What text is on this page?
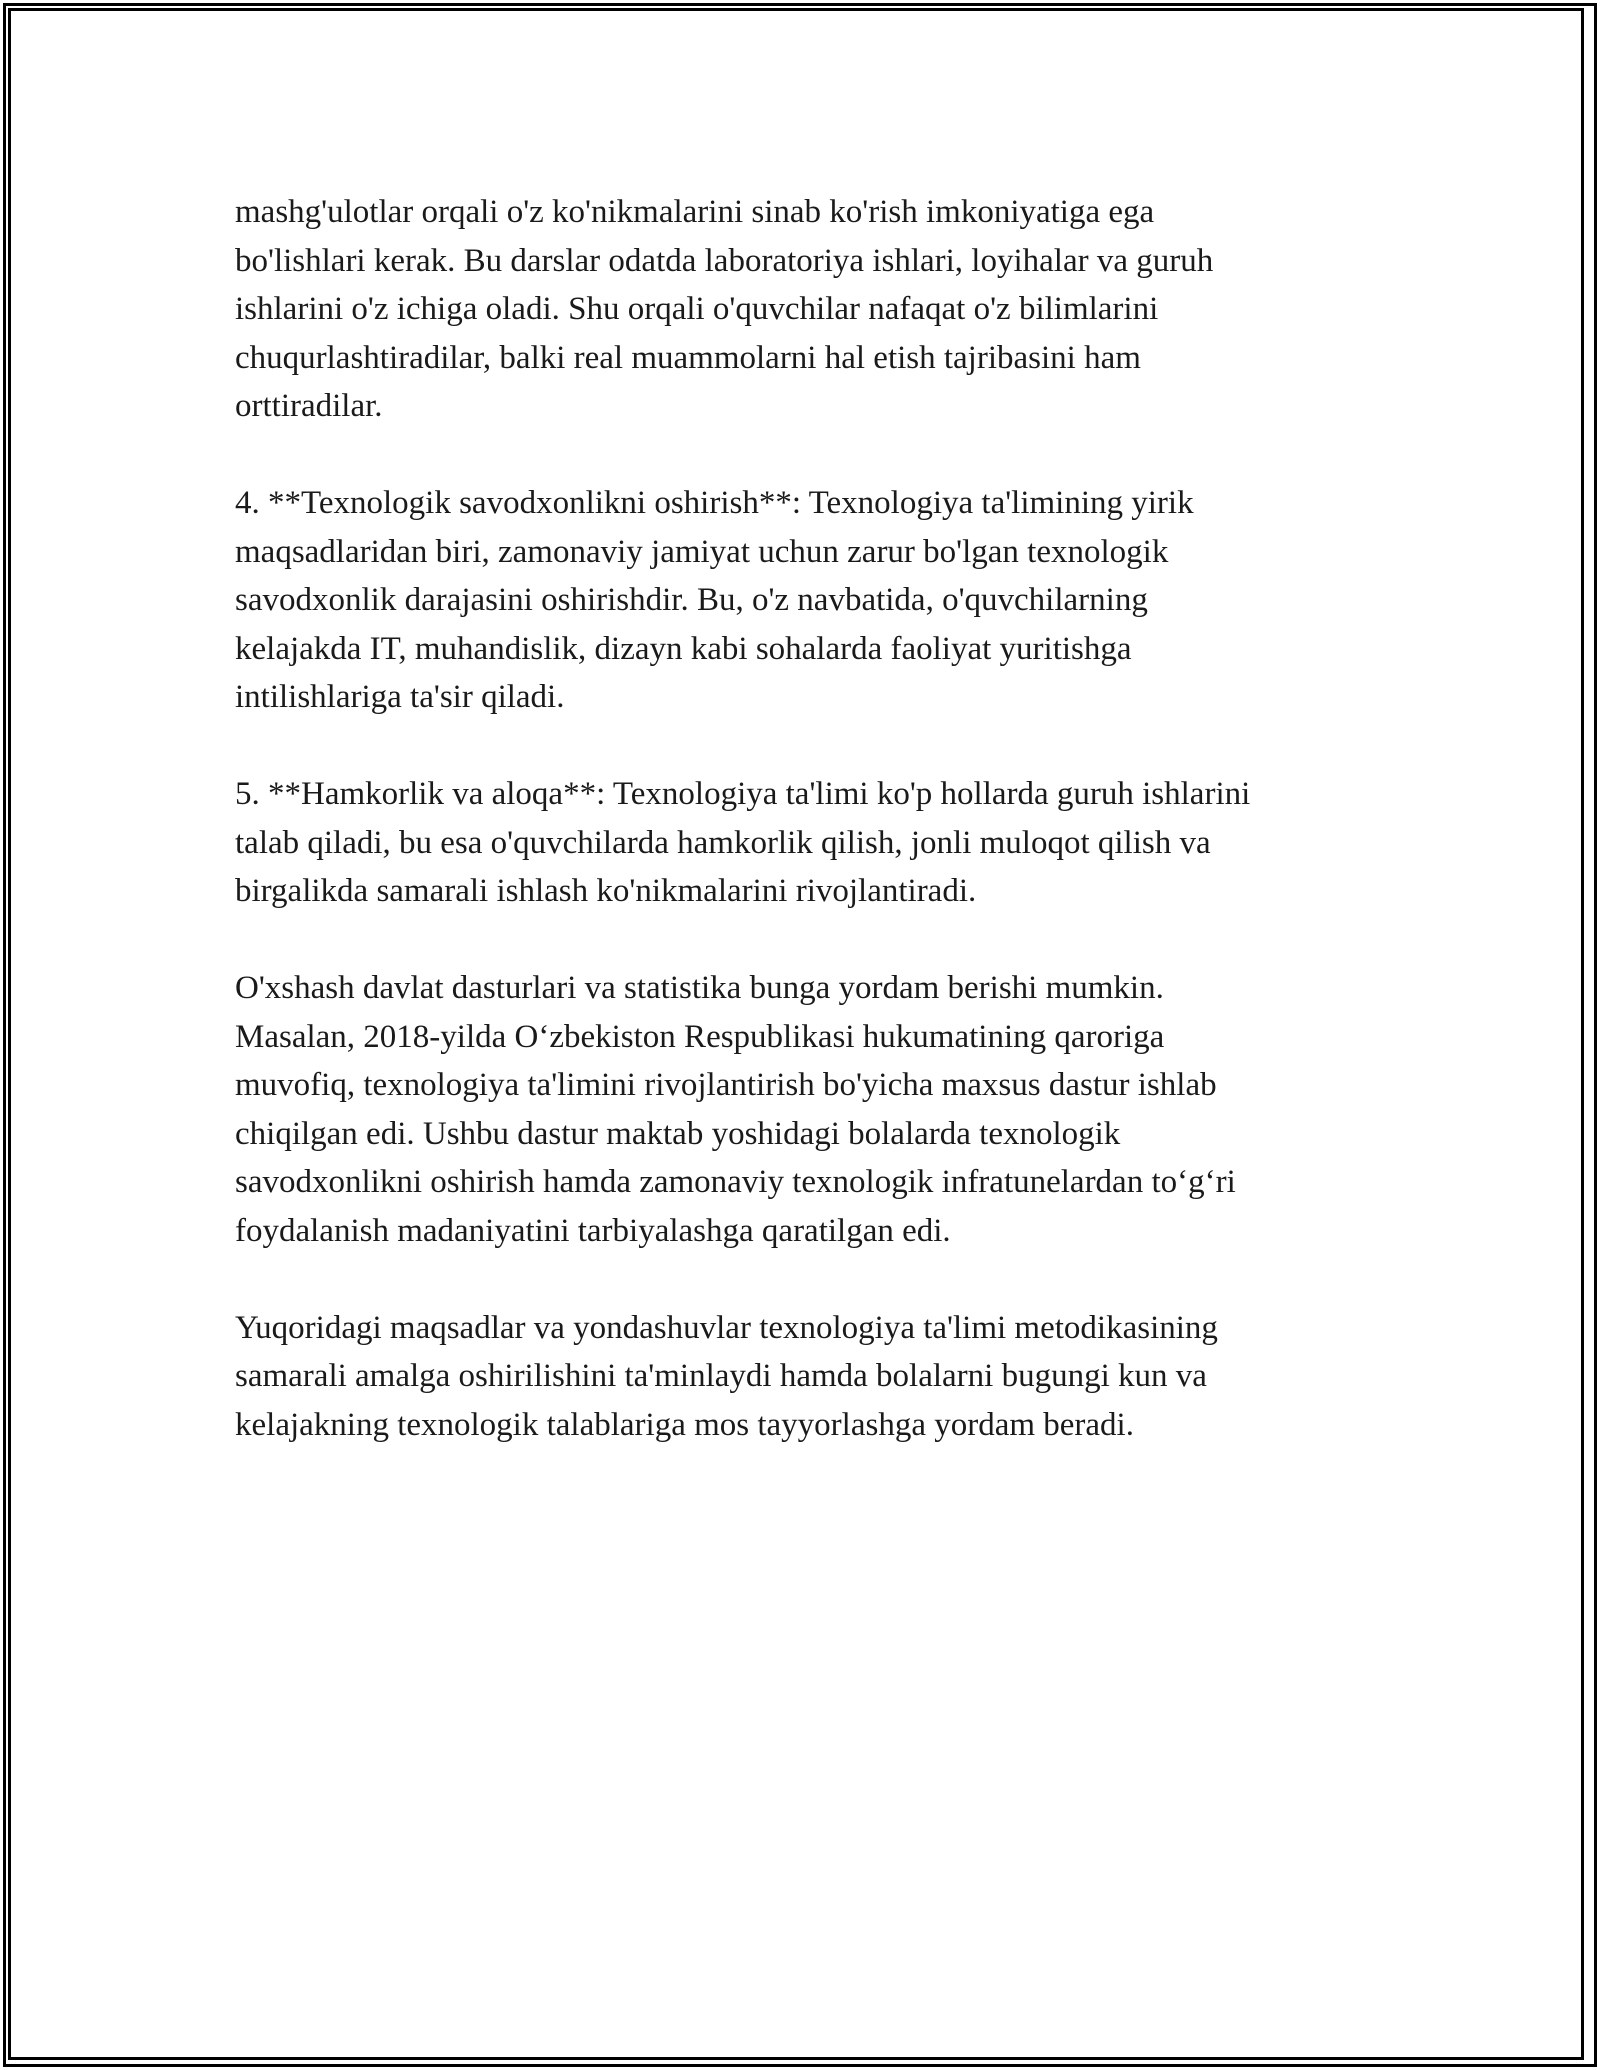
mashg'ulotlar orqali o'z ko'nikmalarini sinab ko'rish imkoniyatiga ega
bo'lishlari kerak. Bu darslar odatda laboratoriya ishlari, loyihalar va guruh
ishlarini o'z ichiga oladi. Shu orqali o'quvchilar nafaqat o'z bilimlarini
chuqurlashtiradilar, balki real muammolarni hal etish tajribasini ham
orttiradilar.

4. **Texnologik savodxonlikni oshirish**: Texnologiya ta'limining yirik
maqsadlaridan biri, zamonaviy jamiyat uchun zarur bo'lgan texnologik
savodxonlik darajasini oshirishdir. Bu, o'z navbatida, o'quvchilarning
kelajakda IT, muhandislik, dizayn kabi sohalarda faoliyat yuritishga
intilishlariga ta'sir qiladi.

5. **Hamkorlik va aloqa**: Texnologiya ta'limi ko'p hollarda guruh ishlarini
talab qiladi, bu esa o'quvchilarda hamkorlik qilish, jonli muloqot qilish va
birgalikda samarali ishlash ko'nikmalarini rivojlantiradi.

O'xshash davlat dasturlari va statistika bunga yordam berishi mumkin.
Masalan, 2018-yilda O‘zbekiston Respublikasi hukumatining qaroriga
muvofiq, texnologiya ta'limini rivojlantirish bo'yicha maxsus dastur ishlab
chiqilgan edi. Ushbu dastur maktab yoshidagi bolalarda texnologik
savodxonlikni oshirish hamda zamonaviy texnologik infratunelardan to‘g‘ri
foydalanish madaniyatini tarbiyalashga qaratilgan edi.

Yuqoridagi maqsadlar va yondashuvlar texnologiya ta'limi metodikasining
samarali amalga oshirilishini ta'minlaydi hamda bolalarni bugungi kun va
kelajakning texnologik talablariga mos tayyorlashga yordam beradi.
